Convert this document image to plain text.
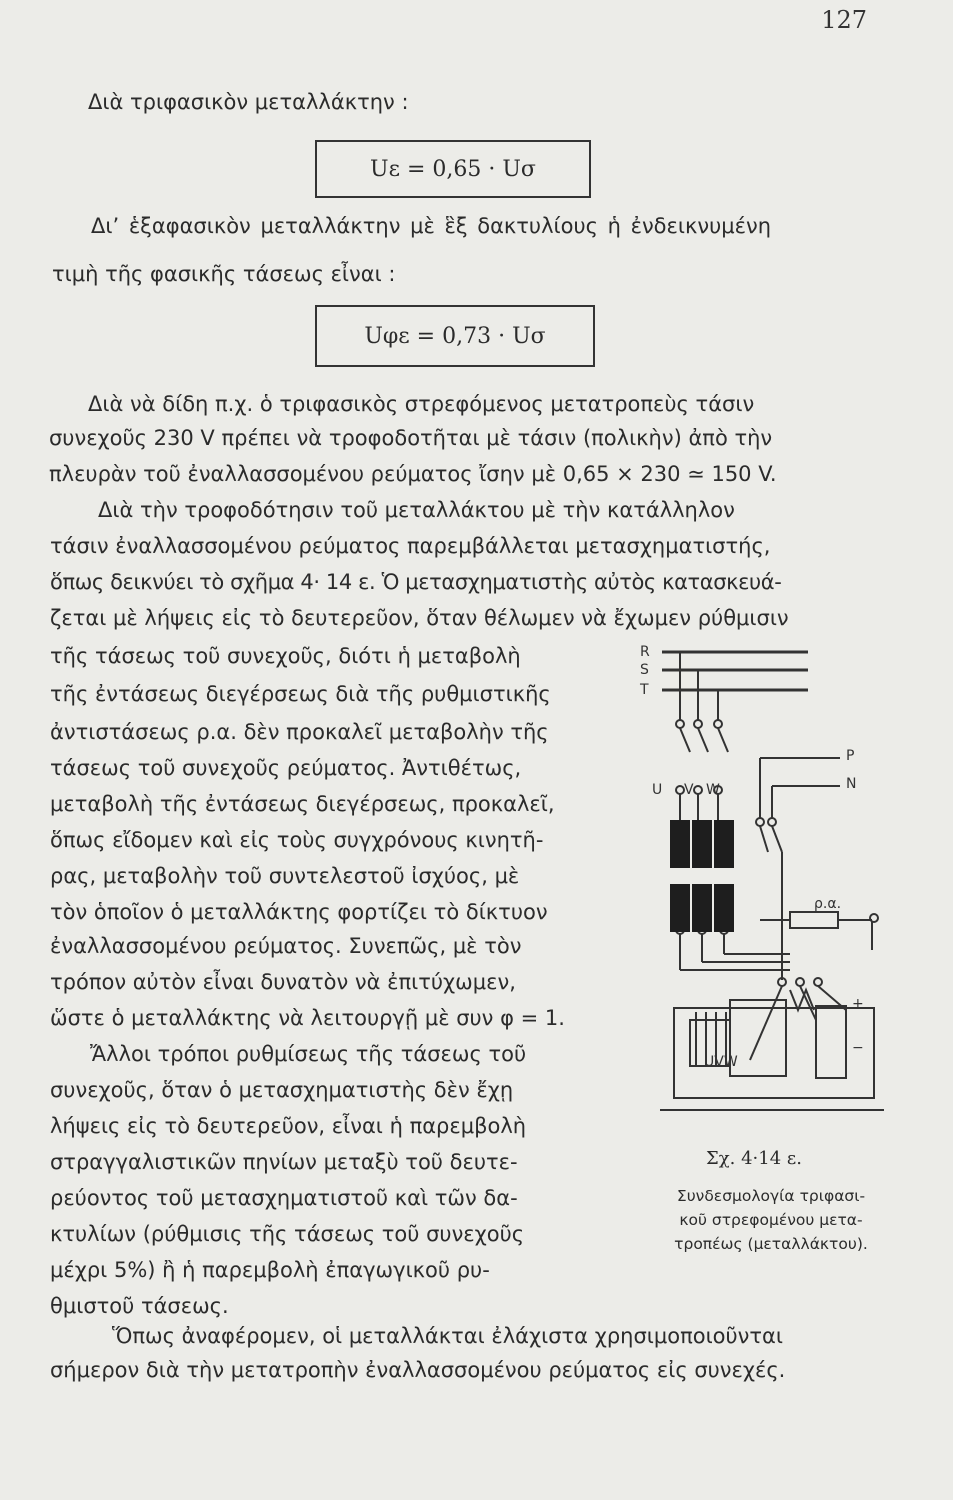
127
Διὰ τριφασικὸν μεταλλάκτην :
Uε = 0,65 · Uσ
Δι’ ἑξαφασικὸν μεταλλάκτην μὲ ἓξ δακτυλίους ἡ ἐνδεικνυμένη
τιμὴ τῆς φασικῆς τάσεως εἶναι :
Uφε = 0,73 · Uσ
Διὰ νὰ δίδη π.χ. ὁ τριφασικὸς στρεφόμενος μετατροπεὺς τάσιν
συνεχοῦς 230 V πρέπει νὰ τροφοδοτῆται μὲ τάσιν (πολικὴν) ἀπὸ τὴν
πλευρὰν τοῦ ἐναλλασσομένου ρεύματος ἴσην μὲ 0,65 × 230 ≃ 150 V.
Διὰ τὴν τροφοδότησιν τοῦ μεταλλάκτου μὲ τὴν κατάλληλον
τάσιν ἐναλλασσομένου ρεύματος παρεμβάλλεται μετασχηματιστής,
ὅπως δεικνύει τὸ σχῆμα 4· 14 ε. Ὁ μετασχηματιστὴς αὐτὸς κατασκευά-
ζεται μὲ λήψεις εἰς τὸ δευτερεῦον, ὅταν θέλωμεν νὰ ἔχωμεν ρύθμισιν
τῆς τάσεως τοῦ συνεχοῦς, διότι ἡ μεταβολὴ
τῆς ἐντάσεως διεγέρσεως διὰ τῆς ρυθμιστικῆς
ἀντιστάσεως ρ.α. δὲν προκαλεῖ μεταβολὴν τῆς
τάσεως τοῦ συνεχοῦς ρεύματος. Ἀντιθέτως,
μεταβολὴ τῆς ἐντάσεως διεγέρσεως, προκαλεῖ,
ὅπως εἴδομεν καὶ εἰς τοὺς συγχρόνους κινητῆ-
ρας, μεταβολὴν τοῦ συντελεστοῦ ἰσχύος, μὲ
τὸν ὁποῖον ὁ μεταλλάκτης φορτίζει τὸ δίκτυον
ἐναλλασσομένου ρεύματος. Συνεπῶς, μὲ τὸν
τρόπον αὐτὸν εἶναι δυνατὸν νὰ ἐπιτύχωμεν,
ὥστε ὁ μεταλλάκτης νὰ λειτουργῇ μὲ συν φ = 1.
Ἄλλοι τρόποι ρυθμίσεως τῆς τάσεως τοῦ
συνεχοῦς, ὅταν ὁ μετασχηματιστὴς δὲν ἔχῃ
λήψεις εἰς τὸ δευτερεῦον, εἶναι ἡ παρεμβολὴ
στραγγαλιστικῶν πηνίων μεταξὺ τοῦ δευτε-
ρεύοντος τοῦ μετασχηματιστοῦ καὶ τῶν δα-
κτυλίων (ρύθμισις τῆς τάσεως τοῦ συνεχοῦς
μέχρι 5%) ἢ ἡ παρεμβολὴ ἐπαγωγικοῦ ρυ-
θμιστοῦ τάσεως.
Ὅπως ἀναφέρομεν, οἱ μεταλλάκται ἐλάχιστα χρησιμοποιοῦνται
σήμερον διὰ τὴν μετατροπὴν ἐναλλασσομένου ρεύματος εἰς συνεχές.
R
S
T
P
N
U V W
ρ.α.
+
−
UVW
Σχ. 4·14 ε.
Συνδεσμολογία τριφασι-
κοῦ στρεφομένου μετα-
τροπέως (μεταλλάκτου).
